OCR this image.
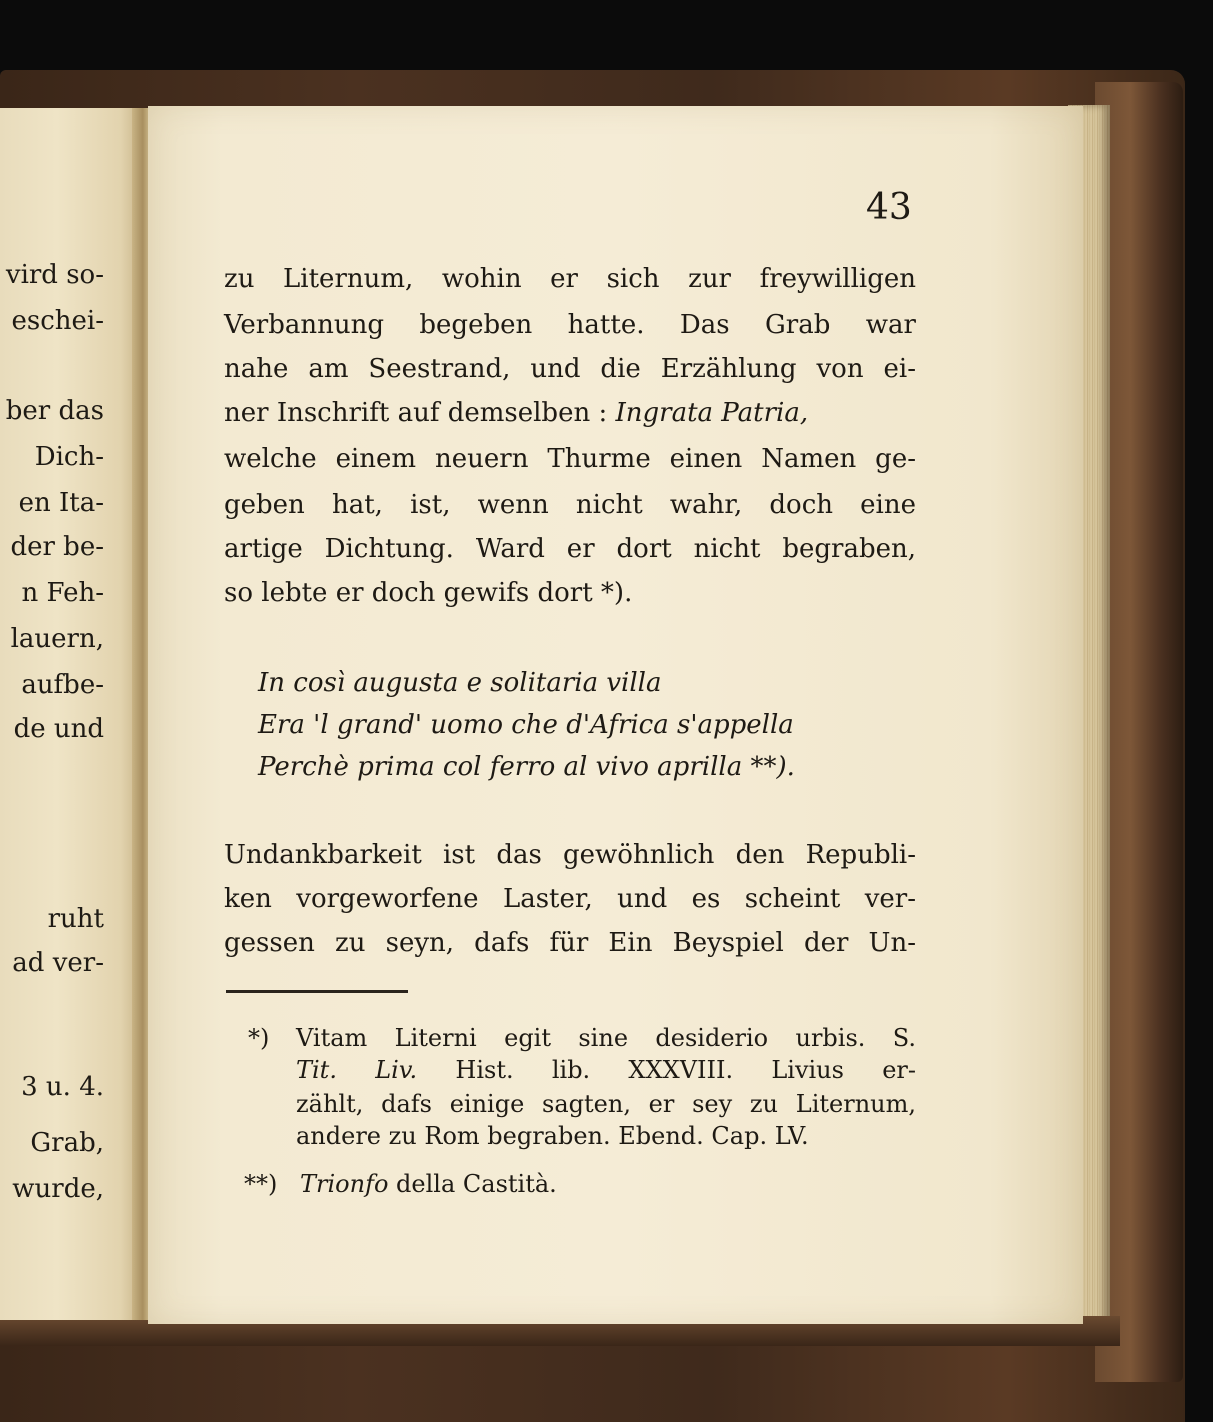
vird so-
eschei-
ber das
Dich-
en Ita-
der be-
n Feh-
lauern,
aufbe-
de und
ruht
ad ver-
3 u. 4.
Grab,
wurde,
43
zu Liternum, wohin er sich zur freywilligen
Verbannung begeben hatte. Das Grab war
nahe am Seestrand, und die Erzählung von ei-
ner Inschrift auf demselben : Ingrata Patria,
welche einem neuern Thurme einen Namen ge-
geben hat, ist, wenn nicht wahr, doch eine
artige Dichtung. Ward er dort nicht begraben,
so lebte er doch gewifs dort *).
In così augusta e solitaria villa
Era 'l grand' uomo che d'Africa s'appella
Perchè prima col ferro al vivo aprilla **).
Undankbarkeit ist das gewöhnlich den Republi-
ken vorgeworfene Laster, und es scheint ver-
gessen zu seyn, dafs für Ein Beyspiel der Un-
*) Vitam Literni egit sine desiderio urbis. S.
Tit. Liv. Hist. lib. XXXVIII. Livius er-
zählt, dafs einige sagten, er sey zu Liternum,
andere zu Rom begraben. Ebend. Cap. LV.
**) Trionfo della Castità.
